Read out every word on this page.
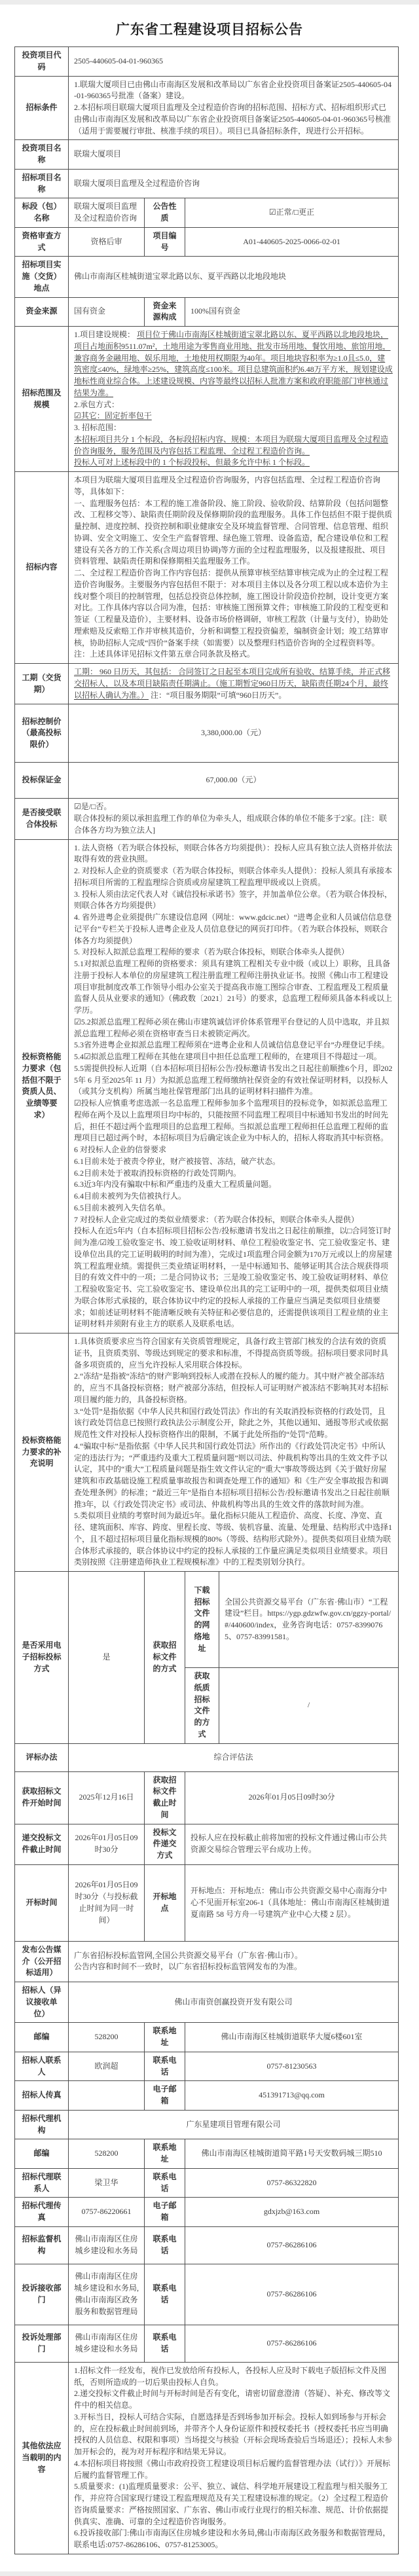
广东省工程建设项目招标公告
投资项目代码	2505-440605-04-01-960365			
招标条件	1.联瑞大厦项目已由佛山市南海区发展和改革局以广东省企业投资项目备案证2505-440605-04-01-960365号批准（备案）建设。
2.本招标项目联瑞大厦项目监理及全过程造价咨询的招标范围、招标方式、招标组织形式已由佛山市南海区发展和改革局以广东省企业投资项目备案证2505-440605-04-01-960365号核准（适用于需要履行审批、核准手续的项目）。项目已具备招标条件，现进行公开招标。			

投资项目名称	联瑞大厦项目			
招标项目名称	联瑞大厦项目监理及全过程造价咨询			
标段（包）名称	联瑞大厦项目监理及全过程造价咨询	公告性质	☑正常/□更正	
资格审查方式	资格后审	项目编号	A01-440605-2025-0066-02-01	
招标项目实施（交货）地点	佛山市南海区桂城街道宝翠北路以东、夏平西路以北地段地块			
资金来源	国有资金	资金来源构成	100%国有资金	
招标范围及规模	
1.项目建设规模： 项目位于佛山市南海区桂城街道宝翠北路以东、夏平西路以北地段地块，项目占地面积9511.07m²，土地用途为零售商业用地、批发市场用地、餐饮用地、旅馆用地，兼容商务金融用地、娱乐用地，土地使用权期限为40年。项目地块容积率为≥1.0且≤5.0，建筑密度≤40%，绿地率≥25%，建筑高度≤100米。项目总建筑面积约6.48万平方米，规划建设成地标性商业综合体。上述建设规模、内容等最终以招标人批准方案和政府职能部门审核通过结果为准。
2.承包方式：
☑其它：固定折率包干
3. 招标范围：
本招标项目共分 1 个标段，各标段招标内容、规模：本项目为联瑞大厦项目监理及全过程造价咨询服务，服务范围及内容包括工程监理、全过程工程造价咨询。
投标人可对上述标段中的 1 个标段投标，但最多允许中标 1 个标段。

招标内容	本项目为联瑞大厦项目监理及全过程造价咨询服务，内容包括监理、全过程工程造价咨询等，具体如下：
一、监理服务包括：本工程的施工准备阶段、施工阶段、验收阶段、结算阶段（包括问题整改、工程移交等）、缺陷责任期阶段及保修期阶段的监理服务。具体工作包括但不限于提供质量控制、进度控制、投资控制和职业健康安全及环境监督管理、合同管理、信息管理、组织协调、安全文明施工、安全生产监督管理、绿色施工管理、设备监造，配合建设单位和工程建设有关各方的工作关系(含周边项目协调)等方面的全过程监理服务，以及报建报批、项目资料管理、缺陷责任期和保修期相关监理服务工作。
二、全过程工程造价咨询工作内容包括：提供从预算审核至结算审核完成为止的全过程工程造价咨询服务。主要服务内容包括但不限于：对本项目主体以及各分项工程以成本造价为主线对整个项目的控制管理，包括总投资总体控制，施工图设计阶段造价控制，设计变更方案对比。工作具体内容以合同为准，包括：审核施工图预算文件；审核施工阶段的工程变更和签证（工程量及造价），主要材料、设备市场价格调研，审核工程款（计量与支付），协助处理索赔及反索赔工作并审核其造价，分析和调整工程投资偏差，编制资金计划；竣工结算审核，协助招标人完成“四价”备案手续（如需要）以及整理归档造价咨询的全过程资料等。
注：上述具体详见招标文件第五章合同条款及格式。			

工期（交货期）	工期： 960 日历天，其包括： 合同签订之日起至本项目完成所有验收、结算手续，并正式移交招标人，以及本项目缺陷责任期满止。（施工期暂定960日历天，缺陷责任期24个月，最终以招标人确认为准。） 注：“项目服务期限”可填“960日历天”。			
招标控制价（最高投标限价）	3,380,000.00（元）			
投标保证金	67,000.00（元）			
是否接受联合体投标	☑是/□否。
联合体投标的须以承担监理工作的单位为牵头人，组成联合体的单位不能多于2家。[注：联合体各方均为独立法人]			

投标资格能力要求（包括但不限于资质人员、业绩等要求）	
1. 法人资格（若为联合体投标，则联合体各方均须提供）：投标人应具有独立法人资格并依法取得有效的营业执照。
2. 对投标人企业的资质要求（若为联合体投标，则联合体牵头人提供）：投标人须具有承接本招标项目所需的工程监理综合资质或房屋建筑工程监理甲级或以上资质。
3. 投标人须由法定代表人对《诚信投标承诺书》签字，并加盖单位公章。（若为联合体投标，则联合体各方均须提供）
4. 省外进粤企业须提供广东建设信息网（网址：www.gdcic.net）“进粤企业和人员诚信信息登记平台”专栏关于投标人进粤企业及人员信息登记的网页打印件。（若为联合体投标，则联合体各方均须提供）
5. 对投标人拟派总监理工程师的要求（若为联合体投标，则联合体牵头人提供）
5.1对拟派总监理工程师的资格要求：须具有建筑工程相关专业中级（或以上）职称，且具备注册于投标人本单位的房屋建筑工程注册监理工程师注册执业证书。按照《佛山市工程建设项目审批制度改革工作领导小组办公室关于提高我市施工图综合审查、工程监理及工程质量监督人员从业要求的通知》（佛政数〔2021〕21号）的要求，总监理工程师须具备本科或以上学历。
☑5.2拟派总监理工程师必须在佛山市建筑诚信评价体系管理平台登记的人员中选取，并且拟派总监理工程师必须在资格审查当日未被锁定两次。
5.3省外进粤企业拟派总监理工程师须在“进粤企业和人员诚信信息登记平台”办理登记手续。
5.4☑拟派总监理工程师在其他在建项目中担任总监理工程师的，在建项目不得超过一项。
5.5需提供投标人近期（自本招标项目招标公告/投标邀请书发出之日起往前顺推6个月，即2025年 6 月至2025年 11 月）为拟派总监理工程师缴纳社保资金的有效社保证明材料，以投标人（或其分支机构）所属当地社保管理部门出具的证明材料扫描件为准。
☑投标人应慎重考虑选派一名总监理工程师参加多个监理项目的投标竞争，如拟派总监理工程师在两个及以上监理项目均中标的，只能按照不同监理工程项目中标通知书发出的时间先后，担任不超过两个监理项目的总监理工程师。当拟派总监理工程师担任总监理工程师的监理项目已超过两个时，本招标项目为后确定该企业为中标人的，招标人将取消其中标资格。
6 对投标人企业的信誉要求
6.1目前未处于被责令停业，财产被接管、冻结，破产状态。
6.2目前未处于被取消投标资格的行政处罚期内。
6.3近3年内没有骗取中标和严重违约及重大工程质量问题。
6.4目前未被列为失信被执行人。
6.5目前未被列入失信名单。
7 对投标人企业完成过的类似业绩要求：（若为联合体投标，则联合体牵头人提供）
投标人在近5年内（自本招标项目招标公告/投标邀请书发出之日起往前顺推，以□合同签订时间为准/☑竣工验收鉴定书、竣工验收证明材料、单位工程验收鉴定书、完工验收鉴定书、建设单位出具的完工证明载明的时间为准），完成过1项监理合同金额为170万元或以上的房屋建筑工程监理业绩。需提供三类业绩证明材料，一是中标通知书、能够证明其合法合规获得项目的有效文件中的一项；二是合同协议书；三是竣工验收鉴定书、竣工验收证明材料、单位工程验收鉴定书、完工验收鉴定书、建设单位出具的完工证明中的一项，提供类似项目业绩为联合体形式承接的，联合体协议中约定的投标人承接的工作量应当满足类似项目业绩要求；如前述证明材料不能清晰反映有关特征和必要信息的，还需提供该项目工程业绩的业主证明材料并须附有业主方的联系人及联系电话。

投标资格能力要求的补充说明	1.具体资质要求应当符合国家有关资质管理规定，具备行政主管部门核发的合法有效的资质证书，且资质类别、等级达到规定的要求和标准，不得提高资质等级。招标项目要求同时具备多项资质的，应当允许投标人采用联合体投标。
2.“冻结”是指被“冻结”的财产影响到投标人或潜在投标人的履约能力。其中财产被全部冻结的，应当不具备投标资格；财产被部分冻结，但投标人可证明财产被冻结不影响其对本招标项目履约能力的，具备投标资格。
3.“处罚”是指依据《中华人民共和国行政处罚法》作出的有关取消投标资格的行政处罚，且该行政处罚信息已按照行政执法公示制度公开，除此之外，其他以通知、通报等形式或依据规范性文件对投标人投标资格作出的限制，不属于此处所指的“处罚”范畴。
4.“骗取中标”是指依据《中华人民共和国行政处罚法》所作出的《行政处罚决定书》中所认定的违法行为；“严重违约及重大工程质量问题”则以司法、仲裁机构等出具的生效文件予以认定，其中的“重大”工程质量问题是指生效文件认定的“重大”事故等级达到《关于做好房屋建筑和市政基础设施工程质量事故报告和调查处理工作的通知》和《生产安全事故报告和调查处理条例》的标准；“最近三年”是指自本招标项目招标公告/投标邀请书发出之日起往前顺推3年，以《行政处罚决定书》或司法、仲裁机构等出具的生效文件的落款时间为准。
5.类似项目业绩的考察时间为最近5年。量化指标只能从工程造价、高度、长度、净宽、直径、建筑面积、库容、跨度、里程长度、等级、装机容量、流量、处理量、结构形式中选择1个，且不超过招标项目量化指标规模的80%（等级、结构形式除外）。提供类似项目业绩为联合体形式承接的，联合体协议中约定的投标人承接的工作量应满足类似项目业绩要求。项目类别按照《注册建造师执业工程规模标准》中的工程类别划分执行。			

是否采用电子招标投标方式	是	获取招标文件的方式	下载招标文件的网络地址	全国公共资源交易平台（广东省·佛山市）“工程建设”栏目。https://ygp.gdzwfw.gov.cn/ggzy-portal/#/440600/index，业务咨询电话：0757-83990765、0757-83991581。
			获取纸质招标文件的方式	/
评标办法	综合评估法			
获取招标文件开始时间	2025年12月16日	获取招标文件截止时间	2026年01月05日09时30分	
递交投标文件截止时间	2026年01月05日09时30分	投标文件递交方式	投标人应在投标截止前将加密的投标文件通过佛山市公共资源交易综合管理云平台成功上传。	
开标时间	2026年01月05日09时30分（与投标截止时间为同一时间）	开标地点	开标地点：开标地点：佛山市公共资源交易中心南海分中心不见面开标室206-1（具体地址：佛山市南海区桂城街道夏南路 58 号方舟一号建筑产业中心大楼 2 层）。	
发布公告媒介（公开招标适用）	广东省招标投标监管网,全国公共资源交易平台（广东省·佛山市）。
公告内容和时间不一致时，以广东省招标投标监管网发布的为准。			

招标人（异议接收单位）	佛山市南资创赢投资开发有限公司			
邮编	528200	联系地址	佛山市南海区桂城街道联华大厦6楼601室	
招标人联系人	欧润超	联系电话	0757-81230563	
招标人传真		电子邮箱	451391713@qq.com	
招标代理机构	广东星建项目管理有限公司			
邮编	528200	联系地址	佛山市南海区桂城街道简平路1号天安数码城三期510	
招标代理联系人	梁卫华	联系电话	0757-86322820	
招标代理传真	0757-86220661	电子邮箱	gdxjzb@163.com	
招标监督机构	佛山市南海区住房城乡建设和水务局	联系电话	0757-86286106	
投诉接收部门	佛山市南海区住房城乡建设和水务局,佛山市南海区政务服务和数据管理局	联系电话	0757-86286106	
投诉处理部门	佛山市南海区住房城乡建设和水务局	联系电话	0757-86286106	
其他依法应当载明的内容	
1.招标文件一经发布，视作已发放给所有投标人，各投标人应及时下载电子版招标文件及图纸，否则所造成的一切后果由投标人自负。
2.递交投标文件截止时间与开标时间是否有变化，请密切留意澄清（答疑）、补充、修改等文件中的相关信息。
3.开标当日，投标人可结合实际，自愿选择是否到场参加开标会。投标人如到场参与开标会的，应在投标截止时间前到场，并带齐个人身份证原件和授权委托书（授权委托书应当明确授权的人员信息、权限和事项）当场提交与核验（开标会现场查验后当场退还）；投标人未参加开标会的，视为对开标程序和结果无异议。
4.本招标项目将按照《佛山市政府投资工程建设项目标后履约监督管理办法（试行）》开展标后履约监督管理工作。
5.质量要求：(1)监理质量要求：公平、独立、诚信、科学地开展建设工程监理与相关服务工作，并应符合国家现行建设工程监理规范及有关工程建设标准的规定。（2）全过程工程造价咨询质量要求：严格按照国家、广东省、佛山市或行业现行的相关标准、规范、计价依据提供真实、准确、可靠的全过程造价咨询服务。
6.投诉接收部门:佛山市南海区住房城乡建设和水务局,佛山市南海区政务服务和数据管理局，联系电话:0757-86286106、0757-81253005。
